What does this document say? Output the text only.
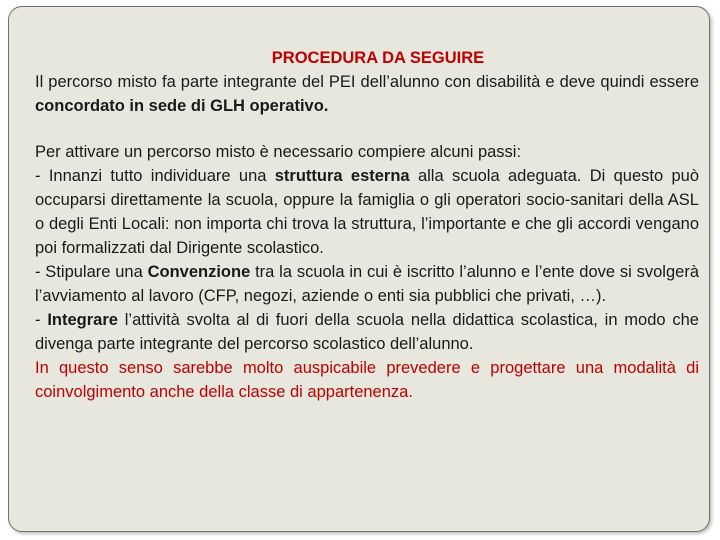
PROCEDURA DA SEGUIRE

Il percorso misto fa parte integrante del PEI dell’alunno con disabilità e deve quindi essere concordato in sede di GLH operativo.

Per attivare un percorso misto è necessario compiere alcuni passi:

- Innanzi tutto individuare una struttura esterna alla scuola adeguata. Di questo può occuparsi direttamente la scuola, oppure la famiglia o gli operatori socio-sanitari della ASL o degli Enti Locali: non importa chi trova la struttura, l’importante e che gli accordi vengano poi formalizzati dal Dirigente scolastico.

- Stipulare una Convenzione tra la scuola in cui è iscritto l’alunno e l’ente dove si svolgerà l’avviamento al lavoro (CFP, negozi, aziende o enti sia pubblici che privati, …).

- Integrare l’attività svolta al di fuori della scuola nella didattica scolastica, in modo che divenga parte integrante del percorso scolastico dell’alunno.

In questo senso sarebbe molto auspicabile prevedere e progettare una modalità di coinvolgimento anche della classe di appartenenza.
